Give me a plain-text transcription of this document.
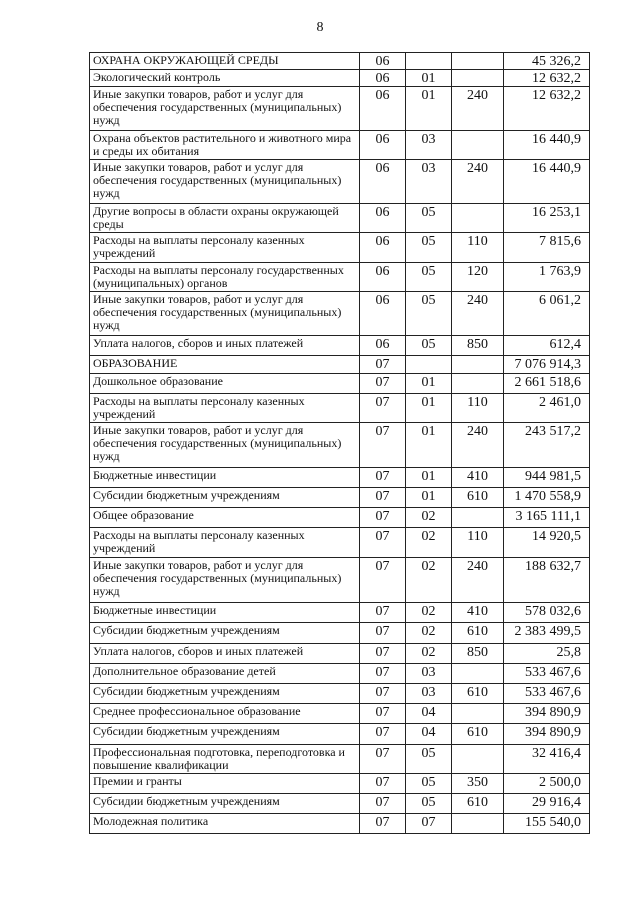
8
ОХРАНА ОКРУЖАЮЩЕЙ СРЕДЫ	06			45 326,2
Экологический контроль	06	01		12 632,2
Иные закупки товаров, работ и услуг для обеспечения государственных (муниципальных) нужд	06	01	240	12 632,2
Охрана объектов растительного и животного мира и среды их обитания	06	03		16 440,9
Иные закупки товаров, работ и услуг для обеспечения государственных (муниципальных) нужд	06	03	240	16 440,9
Другие вопросы в области охраны окружающей среды	06	05		16 253,1
Расходы на выплаты персоналу казенных учреждений	06	05	110	7 815,6
Расходы на выплаты персоналу государственных (муниципальных) органов	06	05	120	1 763,9
Иные закупки товаров, работ и услуг для обеспечения государственных (муниципальных) нужд	06	05	240	6 061,2
Уплата налогов, сборов и иных платежей	06	05	850	612,4
ОБРАЗОВАНИЕ	07			7 076 914,3
Дошкольное образование	07	01		2 661 518,6
Расходы на выплаты персоналу казенных учреждений	07	01	110	2 461,0
Иные закупки товаров, работ и услуг для обеспечения государственных (муниципальных) нужд	07	01	240	243 517,2
Бюджетные инвестиции	07	01	410	944 981,5
Субсидии бюджетным учреждениям	07	01	610	1 470 558,9
Общее образование	07	02		3 165 111,1
Расходы на выплаты персоналу казенных учреждений	07	02	110	14 920,5
Иные закупки товаров, работ и услуг для обеспечения государственных (муниципальных) нужд	07	02	240	188 632,7
Бюджетные инвестиции	07	02	410	578 032,6
Субсидии бюджетным учреждениям	07	02	610	2 383 499,5
Уплата налогов, сборов и иных платежей	07	02	850	25,8
Дополнительное образование детей	07	03		533 467,6
Субсидии бюджетным учреждениям	07	03	610	533 467,6
Среднее профессиональное образование	07	04		394 890,9
Субсидии бюджетным учреждениям	07	04	610	394 890,9
Профессиональная подготовка, переподготовка и повышение квалификации	07	05		32 416,4
Премии и гранты	07	05	350	2 500,0
Субсидии бюджетным учреждениям	07	05	610	29 916,4
Молодежная политика	07	07		155 540,0
